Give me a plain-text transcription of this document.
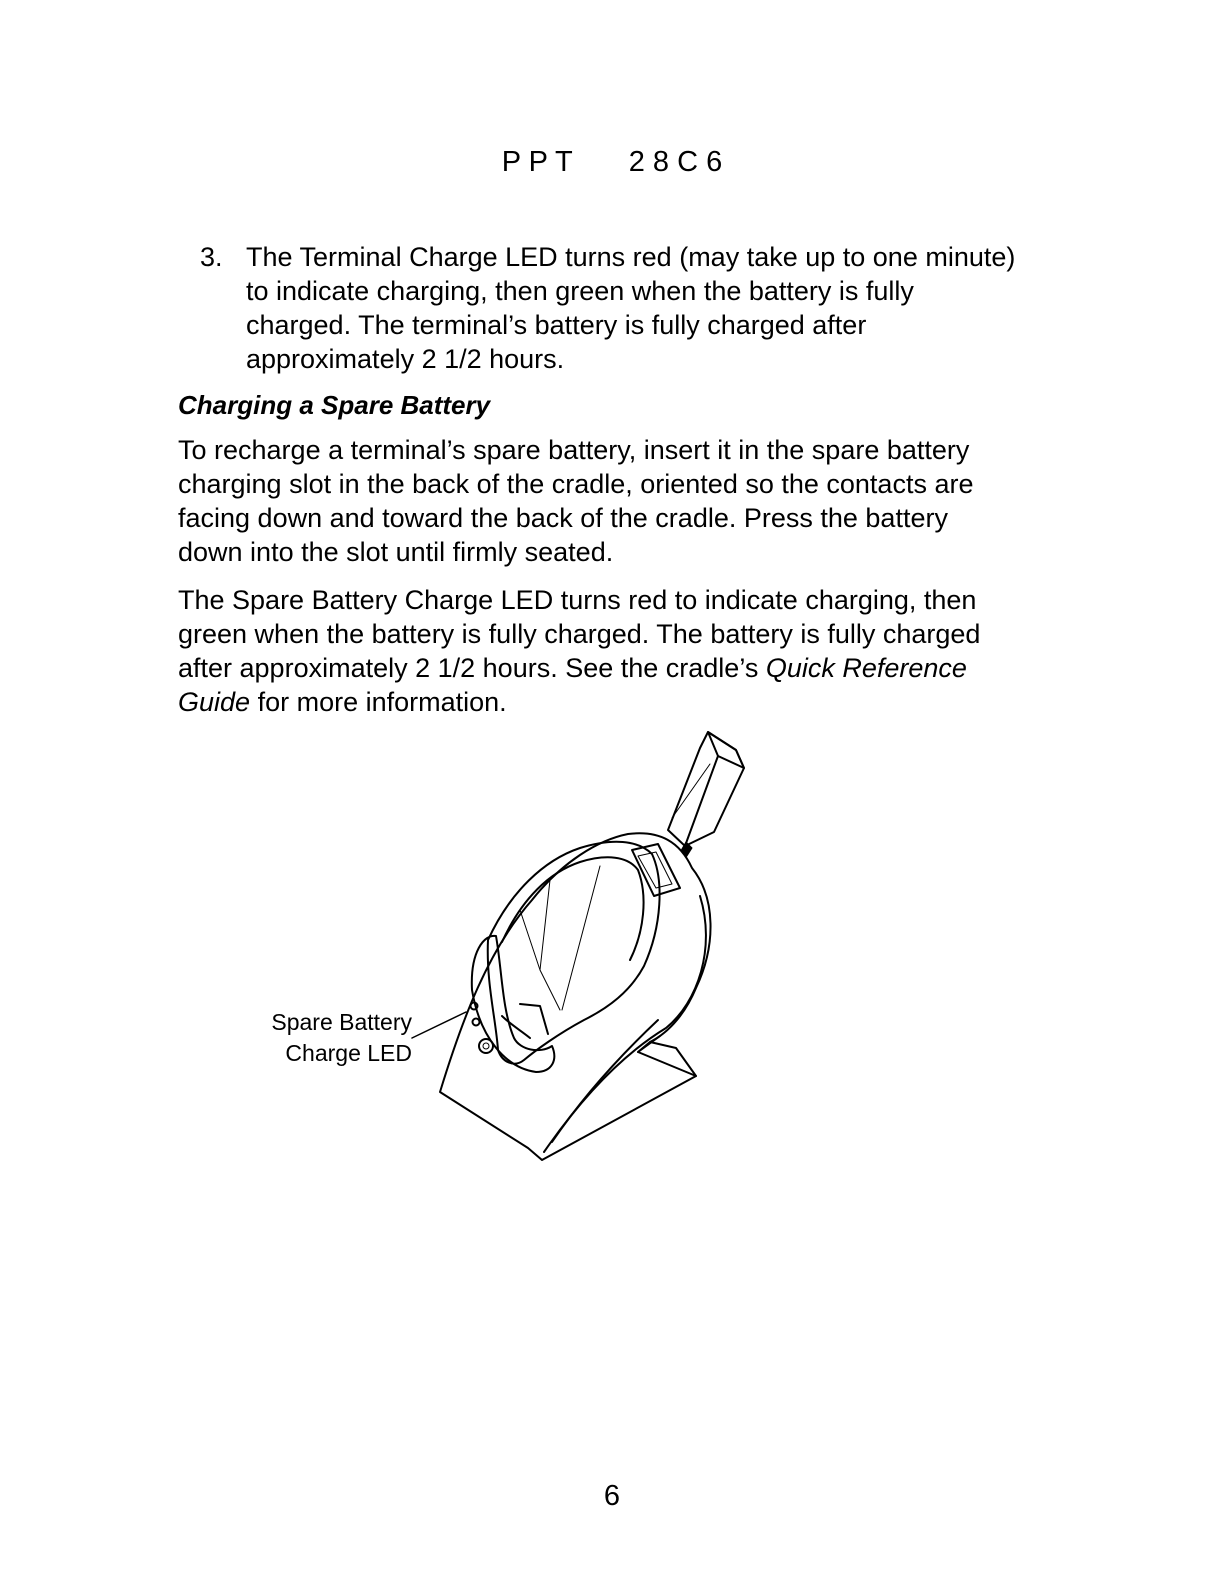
P P T 2 8 C 6
3. The Terminal Charge LED turns red (may take up to one minute) to indicate charging, then green when the battery is fully charged. The terminal’s battery is fully charged after approximately 2 1/2 hours.
Charging a Spare Battery

To recharge a terminal’s spare battery, insert it in the spare battery charging slot in the back of the cradle, oriented so the contacts are facing down and toward the back of the cradle. Press the battery down into the slot until firmly seated.

The Spare Battery Charge LED turns red to indicate charging, then green when the battery is fully charged. The battery is fully charged after approximately 2 1/2 hours. See the cradle’s Quick Reference Guide for more information.

Spare Battery
Charge LED
6
